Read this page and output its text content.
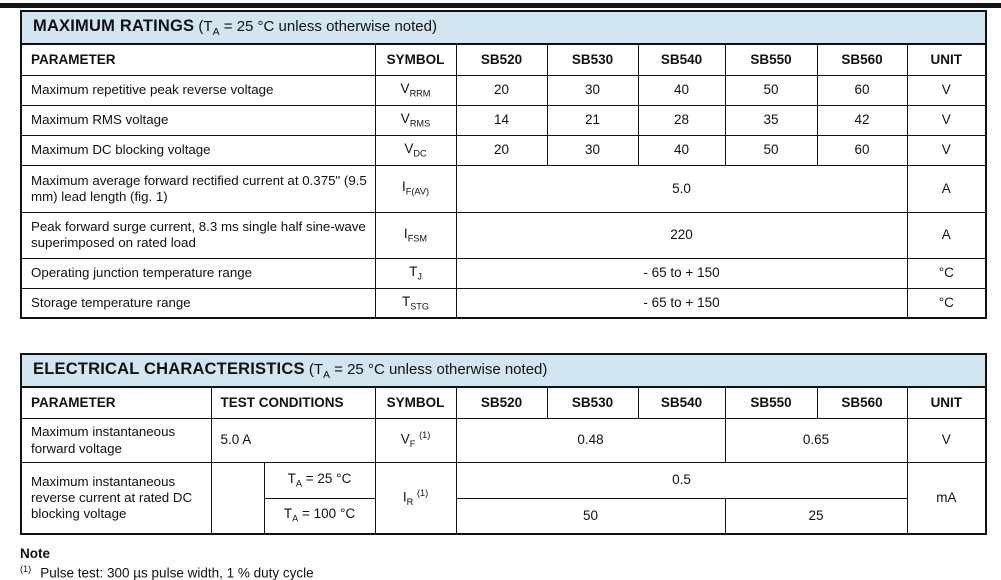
MAXIMUM RATINGS ($T_A = 25$ °C unless otherwise noted)							
PARAMETER	SYMBOL	SB520	SB530	SB540	SB550	SB560	UNIT
Maximum repetitive peak reverse voltage	$V_{RRM}$	20	30	40	50	60	V
Maximum RMS voltage	$V_{RMS}$	14	21	28	35	42	V
Maximum DC blocking voltage	$V_{DC}$	20	30	40	50	60	V
Maximum average forward rectified current at 0.375" (9.5 mm) lead length (fig. 1)	$I_{F(AV)}$	5.0					A
Peak forward surge current, 8.3 ms single half sine-wave superimposed on rated load	$I_{FSM}$	220					A
Operating junction temperature range	$T_J$	- 65 to + 150					°C
Storage temperature range	$T_{STG}$	- 65 to + 150					°C
ELECTRICAL CHARACTERISTICS ($T_A = 25$ °C unless otherwise noted)									
PARAMETER	TEST CONDITIONS		SYMBOL	SB520	SB530	SB540	SB550	SB560	UNIT
Maximum instantaneous forward voltage	5.0 A		$V_F$ $^{(1)}$	0.48			0.65		V
Maximum instantaneous reverse current at rated DC blocking voltage		$T_A = 25$ °C	$I_R$ $^{(1)}$	0.5					mA
		$T_A = 100$ °C		50			25		
Note
$^{(1)}$ Pulse test: 300 µs pulse width, 1 % duty cycle
